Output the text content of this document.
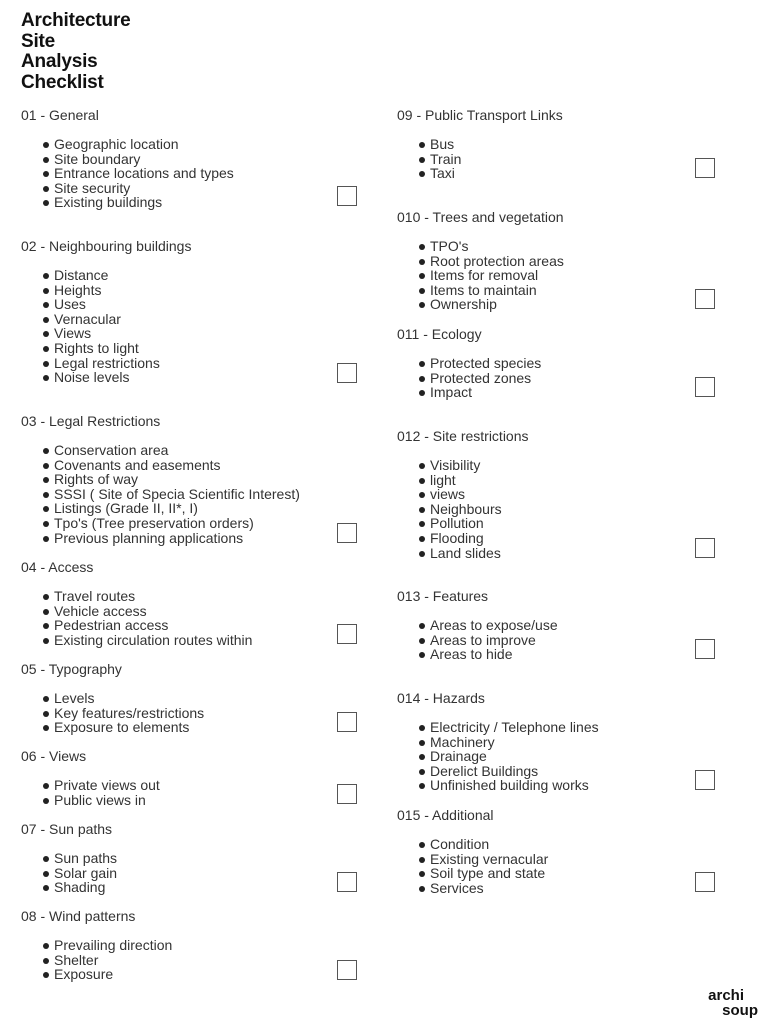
Architecture
Site
Analysis
Checklist
01 - General
Geographic location
Site boundary
Entrance locations and types
Site security
Existing buildings
02 - Neighbouring buildings
Distance
Heights
Uses
Vernacular
Views
Rights to light
Legal restrictions
Noise levels
03 - Legal Restrictions
Conservation area
Covenants and easements
Rights of way
SSSI ( Site of Specia Scientific Interest)
Listings (Grade II, II*, I)
Tpo's (Tree preservation orders)
Previous planning applications
04 - Access
Travel routes
Vehicle access
Pedestrian access
Existing circulation routes within
05 - Typography
Levels
Key features/restrictions
Exposure to elements
06 - Views
Private views out
Public views in
07 - Sun paths
Sun paths
Solar gain
Shading
08 - Wind patterns
Prevailing direction
Shelter
Exposure
09 - Public Transport Links
Bus
Train
Taxi
010 - Trees and vegetation
TPO's
Root protection areas
Items for removal
Items to maintain
Ownership
011 - Ecology
Protected species
Protected zones
Impact
012 - Site restrictions
Visibility
light
views
Neighbours
Pollution
Flooding
Land slides
013 - Features
Areas to expose/use
Areas to improve
Areas to hide
014 - Hazards
Electricity / Telephone lines
Machinery
Drainage
Derelict Buildings
Unfinished building works
015 - Additional
Condition
Existing vernacular
Soil type and state
Services
archi
soup
